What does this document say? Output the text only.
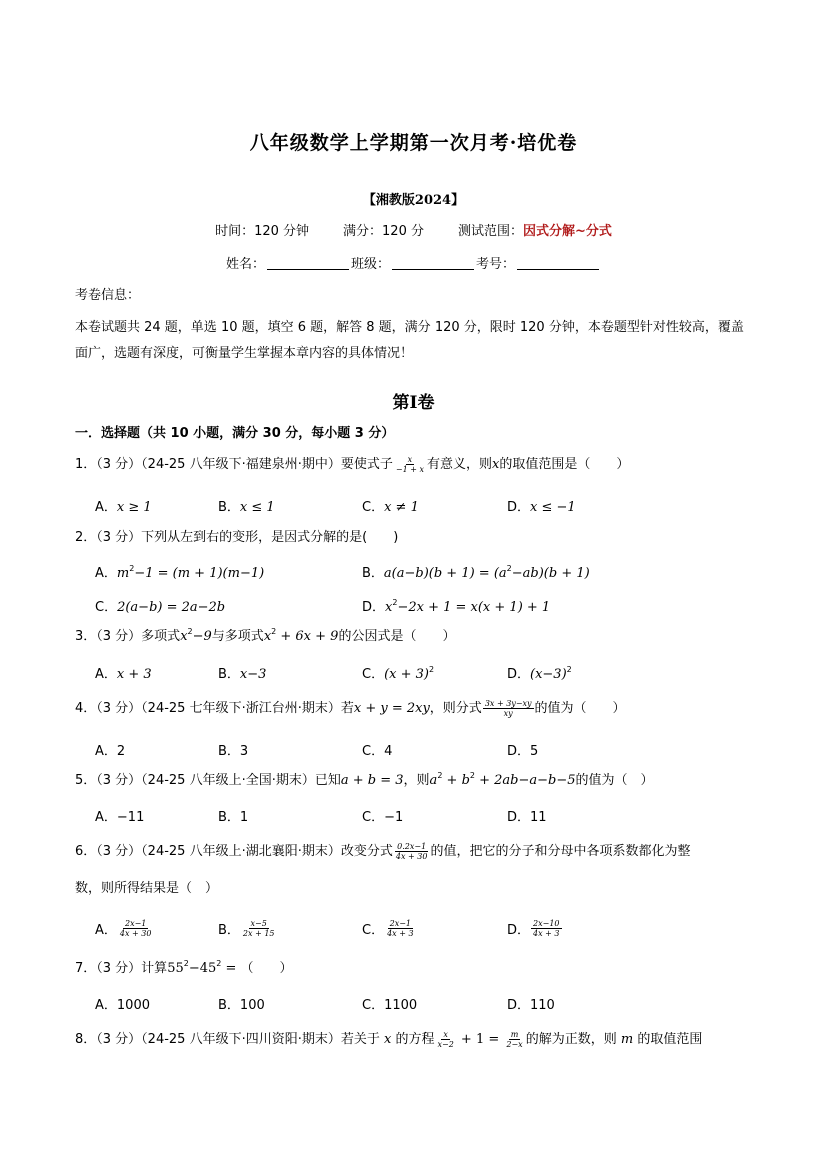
八年级数学上学期第一次月考·培优卷
【湘教版2024】
时间：120 分钟	满分：120 分	测试范围：因式分解~分式
姓名：	班级：	考号：
考卷信息：
本卷试题共 24 题，单选 10 题，填空 6 题，解答 8 题，满分 120 分，限时 120 分钟，本卷题型针对性较高，覆盖
面广，选题有深度，可衡量学生掌握本章内容的具体情况！
第Ⅰ卷
一．选择题（共 10 小题，满分 30 分，每小题 3 分）
1．（3 分）（24-25 八年级下·福建泉州·期中）要使式子 $\frac{x}{-1 + x}$ 有意义，则x的取值范围是（　　）
A．x ≥ 1	B．x ≤ 1	C．x ≠ 1	D．x ≤ −1
2．（3 分）下列从左到右的变形，是因式分解的是(　　)
A．$m^2-1 = (m + 1)(m-1)$	B．$a(a-b)(b + 1) = (a^2-ab)(b + 1)$
C．2(a−b) = 2a−2b	D．$x^2-2x + 1 = x(x + 1) + 1$
3．（3 分）多项式$x^2-9$与多项式$x^2 + 6x + 9$的公因式是（　　）
A．x + 3	B．x−3	C．$(x + 3)^2$	D．$(x-3)^2$
4．（3 分）（24-25 七年级下·浙江台州·期末）若x + y = 2xy，则分式 $\frac{3x + 3y-xy}{xy}$ 的值为（　　）
A．2	B．3	C．4	D．5
5．（3 分）（24-25 八年级上·全国·期末）已知a + b = 3，则$a^2 + b^2 + 2ab-a-b-5$的值为（　）
A．−11	B．1	C．−1	D．11
6．（3 分）（24-25 八年级上·湖北襄阳·期末）改变分式 $\frac{0.2x-1}{4x + 30}$ 的值，把它的分子和分母中各项系数都化为整
数，则所得结果是（　）
A． $\frac{2x-1}{4x + 30}$	B． $\frac{x-5}{2x + 15}$	C． $\frac{2x-1}{4x + 3}$	D． $\frac{2x-10}{4x + 3}$
7．（3 分）计算$55^2-45^2$ = （　　）
A．1000	B．100	C．1100	D．110
8．（3 分）（24-25 八年级下·四川资阳·期末）若关于 x 的方程 $\frac{x}{x-2} + 1 = \frac{m}{2-x}$ 的解为正数，则 m 的取值范围
